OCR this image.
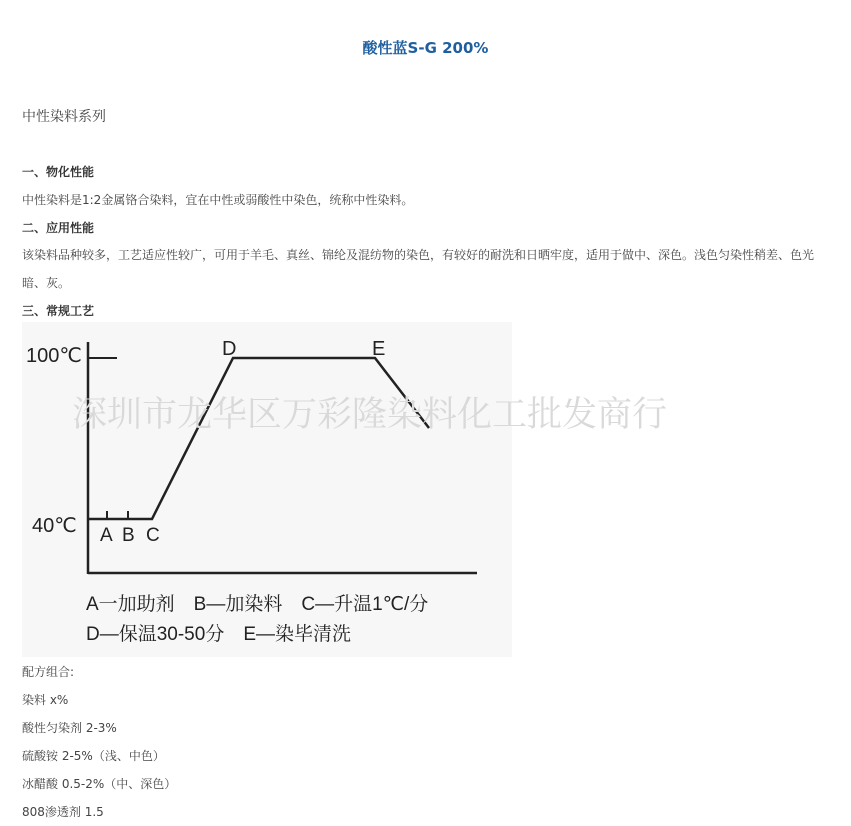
酸性蓝S-G 200%
中性染料系列
一、物化性能
中性染料是1:2金属铬合染料，宜在中性或弱酸性中染色，统称中性染料。
二、应用性能
该染料品种较多，工艺适应性较广，可用于羊毛、真丝、锦纶及混纺物的染色，有较好的耐洗和日晒牢度，适用于做中、深色。浅色匀染性稍差、色光暗、灰。
三、常规工艺
100℃
40℃
D	E
A B C
深圳市龙华区万彩隆染料化工批发商行
A一加助剂　B—加染料　C—升温1℃/分
D—保温30-50分　E—染毕清洗
配方组合:
染料 x%
酸性匀染剂 2-3%
硫酸铵 2-5%（浅、中色）
冰醋酸 0.5-2%（中、深色）
808渗透剂 1.5
